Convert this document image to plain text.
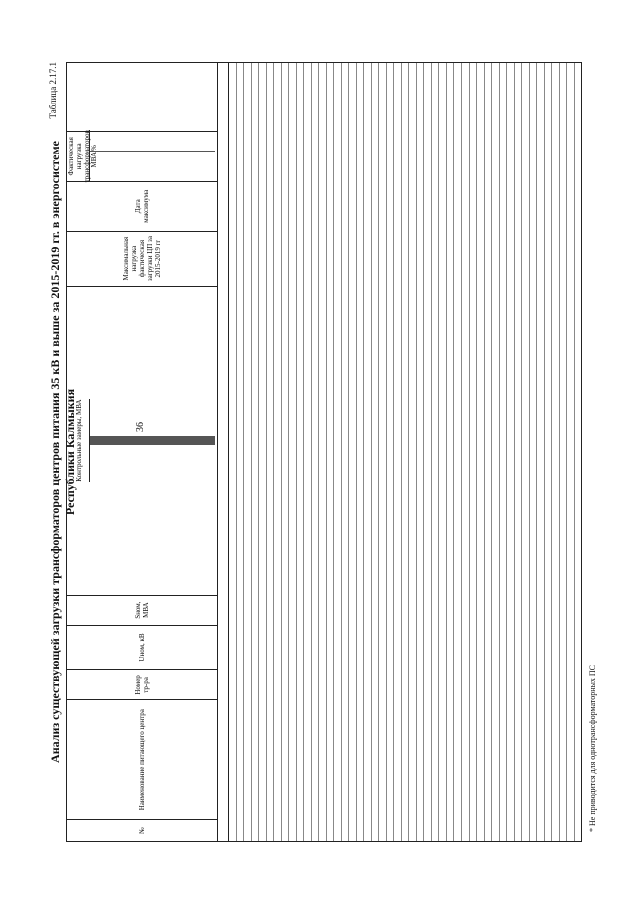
Анализ существующей загрузки трансформаторов центров питания 35 кВ и выше за 2015-2019 гг. в энергосистеме Республики Калмыкия
Таблица 2.17.1
36
№
Наименование питающего центра
Номер тр-ра
Uном, кВ
Sном, МВА
Контрольные замеры, МВА
Максимальная нагрузка фактическая загрузки ЦП за 2015-2019 гг
Дата максимума
Фактическая нагрузка трансформаторов МВА
%
* Не приводится для однотрансформаторных ПС
